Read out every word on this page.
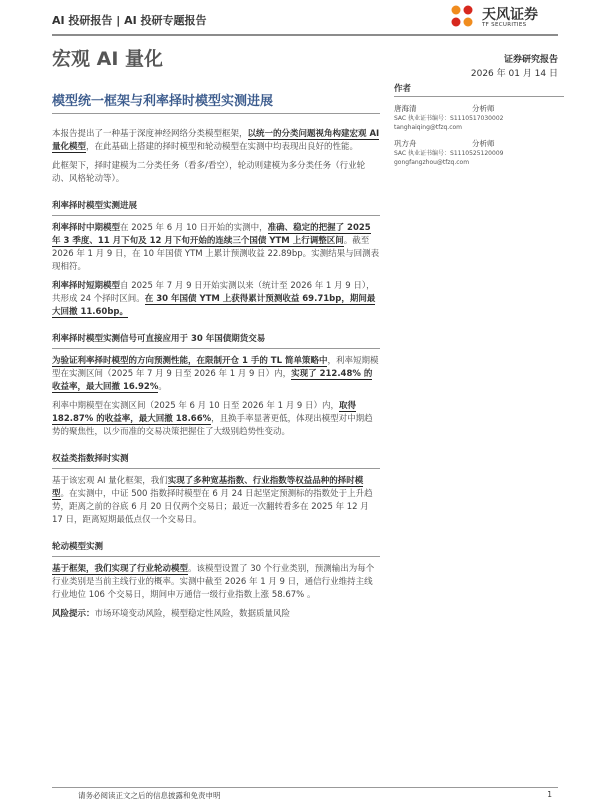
AI 投研报告 | AI 投研专题报告	天风证券
TF SECURITIES
宏观 AI 量化	证券研究报告
2026 年 01 月 14 日
模型统一框架与利率择时模型实测进展
作者
唐海清	分析师
SAC 执业证书编号：S1110517030002
tanghaiqing@tfzq.com
巩方舟	分析师
SAC 执业证书编号：S1110525120009
gongfangzhou@tfzq.com

本报告提出了一种基于深度神经网络分类模型框架，以统一的分类问题视角构建宏观 AI 量化模型，在此基础上搭建的择时模型和轮动模型在实测中均表现出良好的性能。

此框架下，择时建模为二分类任务（看多/看空），轮动则建模为多分类任务（行业轮动、风格轮动等）。

利率择时模型实测进展

利率择时中期模型在 2025 年 6 月 10 日开始的实测中，准确、稳定的把握了 2025 年 3 季度、11 月下旬及 12 月下旬开始的连续三个国债 YTM 上行调整区间。截至 2026 年 1 月 9 日，在 10 年国债 YTM 上累计预测收益 22.89bp。实测结果与回测表现相符。

利率择时短期模型自 2025 年 7 月 9 日开始实测以来（统计至 2026 年 1 月 9 日），共形成 24 个择时区间。在 30 年国债 YTM 上获得累计预测收益 69.71bp，期间最大回撤 11.60bp。

利率择时模型实测信号可直接应用于 30 年国债期货交易

为验证利率择时模型的方向预测性能，在限制开仓 1 手的 TL 简单策略中，利率短期模型在实测区间（2025 年 7 月 9 日至 2026 年 1 月 9 日）内，实现了 212.48% 的收益率，最大回撤 16.92%。

利率中期模型在实测区间（2025 年 6 月 10 日至 2026 年 1 月 9 日）内，取得 182.87% 的收益率，最大回撤 18.66%，且换手率显著更低，体现出模型对中期趋势的聚焦性，以少而准的交易决策把握住了大级别趋势性变动。

权益类指数择时实测

基于该宏观 AI 量化框架，我们实现了多种宽基指数、行业指数等权益品种的择时模型。在实测中，中证 500 指数择时模型在 6 月 24 日起坚定预测标的指数处于上升趋势，距离之前的谷底 6 月 20 日仅两个交易日；最近一次翻转看多在 2025 年 12 月 17 日，距离短期最低点仅一个交易日。

轮动模型实测

基于框架，我们实现了行业轮动模型。该模型设置了 30 个行业类别，预测输出为每个行业类别是当前主线行业的概率。实测中截至 2026 年 1 月 9 日，通信行业维持主线行业地位 106 个交易日，期间申万通信一级行业指数上涨 58.67% 。

风险提示：市场环境变动风险，模型稳定性风险，数据质量风险

请务必阅读正文之后的信息披露和免责申明	1
